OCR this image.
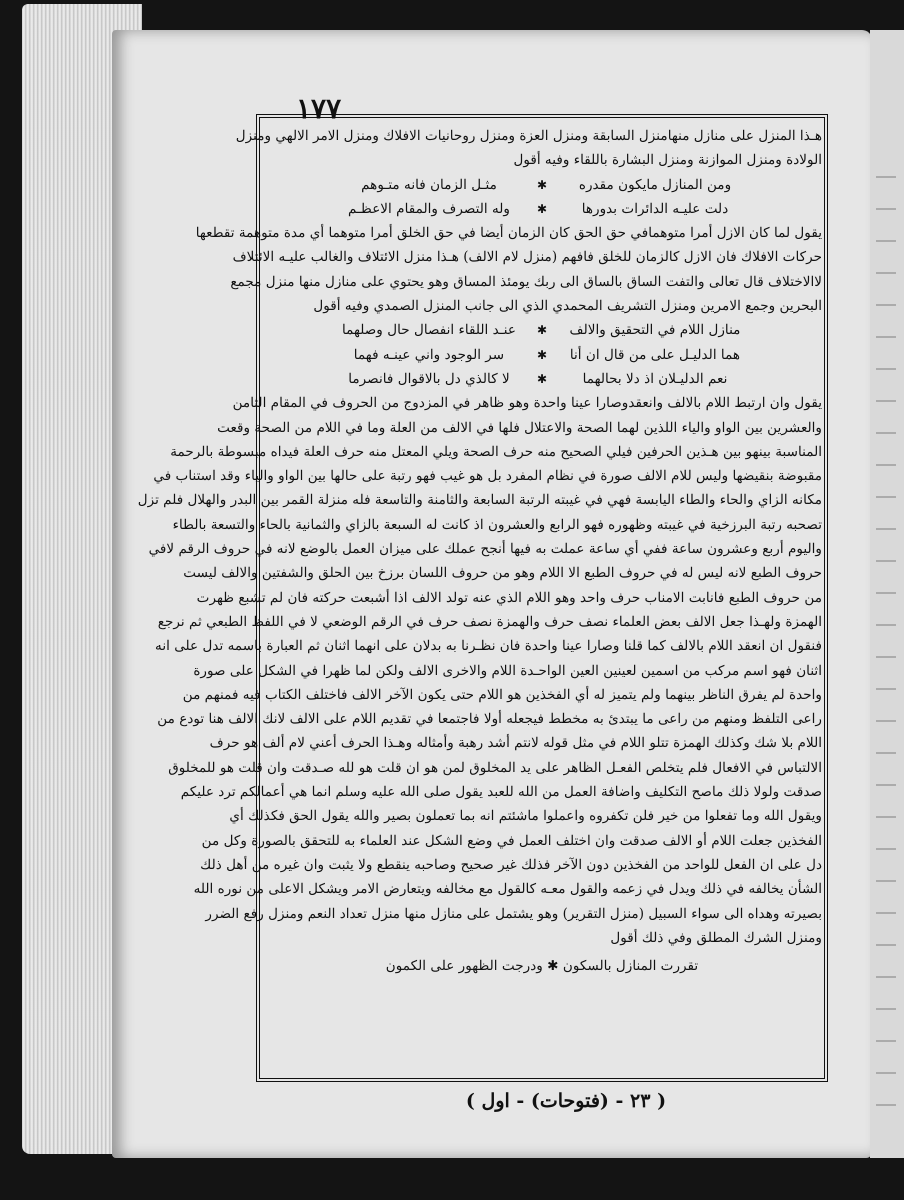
١٧٧
هـذا المنزل على منازل منهامنزل السابقة ومنزل العزة ومنزل روحانيات الافلاك ومنزل الامر الالهي ومنزل
الولادة ومنزل الموازنة ومنزل البشارة باللقاء وفيه أقول
ومن المنازل مايكون مقدره
✱
مثـل الزمان فانه متـوهم
دلت عليـه الدائرات بدورها
✱
وله التصرف والمقام الاعظـم
يقول لما كان الازل أمرا متوهمافي حق الحق كان الزمان أيضا في حق الخلق أمرا متوهما أي مدة متوهمة تقطعها
حركات الافلاك فان الازل كالزمان للخلق فافهم (منزل لام الالف) هـذا منزل الائتلاف والغالب عليـه الائتلاف
لاالاختلاف قال تعالى والتفت الساق بالساق الى ربك يومئذ المساق وهو يحتوي على منازل منها منزل مجمع
البحرين وجمع الامرين ومنزل التشريف المحمدي الذي الى جانب المنزل الصمدي وفيه أقول
منازل اللام في التحقيق والالف
✱
عنـد اللقاء انفصال حال وصلهما
هما الدليـل على من قال ان أنا
✱
سر الوجود واني عينـه فهما
نعم الدليـلان اذ دلا بحالهما
✱
لا كالذي دل بالاقوال فانصرما
يقول وان ارتبط اللام بالالف وانعقدوصارا عينا واحدة وهو ظاهر في المزدوج من الحروف في المقام الثامن
والعشرين بين الواو والياء اللذين لهما الصحة والاعتلال فلها في الالف من العلة وما في اللام من الصحة وقعت
المناسبة بينهو بين هـذين الحرفين فيلي الصحيح منه حرف الصحة ويلي المعتل منه حرف العلة فيداه مبسوطة بالرحمة
مقبوضة بنقيضها وليس للام الالف صورة في نظام المفرد بل هو غيب فهو رتبة على حالها بين الواو والياء وقد استناب في
مكانه الزاي والحاء والطاء اليابسة فهي في غيبته الرتبة السابعة والثامنة والتاسعة فله منزلة القمر بين البدر والهلال فلم تزل
تصحبه رتبة البرزخية في غيبته وظهوره فهو الرابع والعشرون اذ كانت له السبعة بالزاي والثمانية بالحاء والتسعة بالطاء
واليوم أربع وعشرون ساعة ففي أي ساعة عملت به فيها أنجح عملك على ميزان العمل بالوضع لانه في حروف الرقم لافي
حروف الطبع لانه ليس له في حروف الطبع الا اللام وهو من حروف اللسان برزخ بين الحلق والشفتين والالف ليست
من حروف الطبع فانابت الامناب حرف واحد وهو اللام الذي عنه تولد الالف اذا أشبعت حركته فان لم تشبع ظهرت
الهمزة ولهـذا جعل الالف بعض العلماء نصف حرف والهمزة نصف حرف في الرقم الوضعي لا في اللفظ الطبعي ثم نرجع
فنقول ان انعقد اللام بالالف كما قلنا وصارا عينا واحدة فان نظـرنا به بدلان على انهما اثنان ثم العبارة باسمه تدل على انه
اثنان فهو اسم مركب من اسمين لعينين العين الواحـدة اللام والاخرى الالف ولكن لما ظهرا في الشكل على صورة
واحدة لم يفرق الناظر بينهما ولم يتميز له أي الفخذين هو اللام حتى يكون الآخر الالف فاختلف الكتاب فيه فمنهم من
راعى التلفظ ومنهم من راعى ما يبتدئ به مخطط فيجعله أولا فاجتمعا في تقديم اللام على الالف لانك الالف هنا تودع من
اللام بلا شك وكذلك الهمزة تتلو اللام في مثل قوله لانتم أشد رهبة وأمثاله وهـذا الحرف أعني لام ألف هو حرف
الالتباس في الافعال فلم يتخلص الفعـل الظاهر على يد المخلوق لمن هو ان قلت هو لله صـدقت وان قلت هو للمخلوق
صدقت ولولا ذلك ماصح التكليف واضافة العمل من الله للعبد يقول صلى الله عليه وسلم انما هي أعمالكم ترد عليكم
ويقول الله وما تفعلوا من خير فلن تكفروه واعملوا ماشئتم انه بما تعملون بصير والله يقول الحق فكذلك أي
الفخذين جعلت اللام أو الالف صدقت وان اختلف العمل في وضع الشكل عند العلماء به للتحقق بالصورة وكل من
دل على ان الفعل للواحد من الفخذين دون الآخر فذلك غير صحيح وصاحبه ينقطع ولا يثبت وان غيره من أهل ذلك
الشأن يخالفه في ذلك ويدل في زعمه والقول معـه كالقول مع مخالفه ويتعارض الامر ويشكل الاعلى من نوره الله
بصيرته وهداه الى سواء السبيل (منزل التقرير) وهو يشتمل على منازل منها منزل تعداد النعم ومنزل رفع الضرر
ومنزل الشرك المطلق وفي ذلك أقول
تقررت المنازل بالسكون ✱ ودرجت الظهور على الكمون
( ٢٣ - (فتوحات) - اول )
